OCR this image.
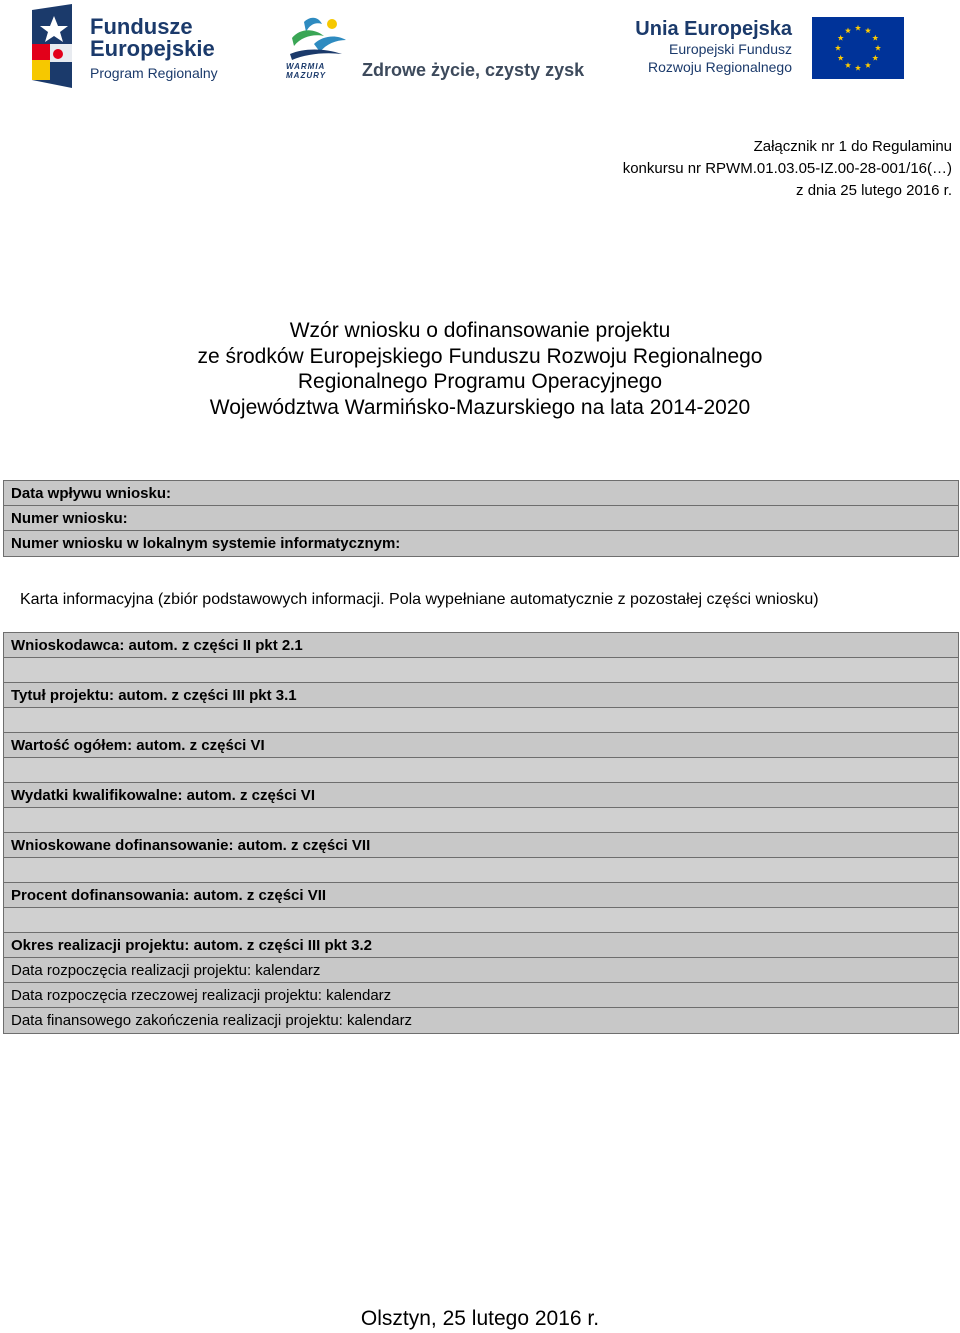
Fundusze
Europejskie
Program Regionalny	WARMIA
MAZURY Zdrowe życie, czysty zysk
Unia Europejska
Europejski Fundusz
Rozwoju Regionalnego
Załącznik nr 1 do Regulaminu
konkursu nr RPWM.01.03.05-IZ.00-28-001/16(…)
z dnia 25 lutego 2016 r.
Wzór wniosku o dofinansowanie projektu
ze środków Europejskiego Funduszu Rozwoju Regionalnego
Regionalnego Programu Operacyjnego
Województwa Warmińsko-Mazurskiego na lata 2014-2020
Data wpływu wniosku:
Numer wniosku:
Numer wniosku w lokalnym systemie informatycznym:
Karta informacyjna (zbiór podstawowych informacji. Pola wypełniane automatycznie z pozostałej części wniosku)
Wnioskodawca: autom. z części II pkt 2.1
Tytuł projektu: autom. z części III pkt 3.1
Wartość ogółem: autom. z części VI
Wydatki kwalifikowalne: autom. z części VI
Wnioskowane dofinansowanie: autom. z części VII
Procent dofinansowania: autom. z części VII
Okres realizacji projektu: autom. z części III pkt 3.2
Data rozpoczęcia realizacji projektu: kalendarz
Data rozpoczęcia rzeczowej realizacji projektu: kalendarz
Data finansowego zakończenia realizacji projektu: kalendarz
Olsztyn, 25 lutego 2016 r.
